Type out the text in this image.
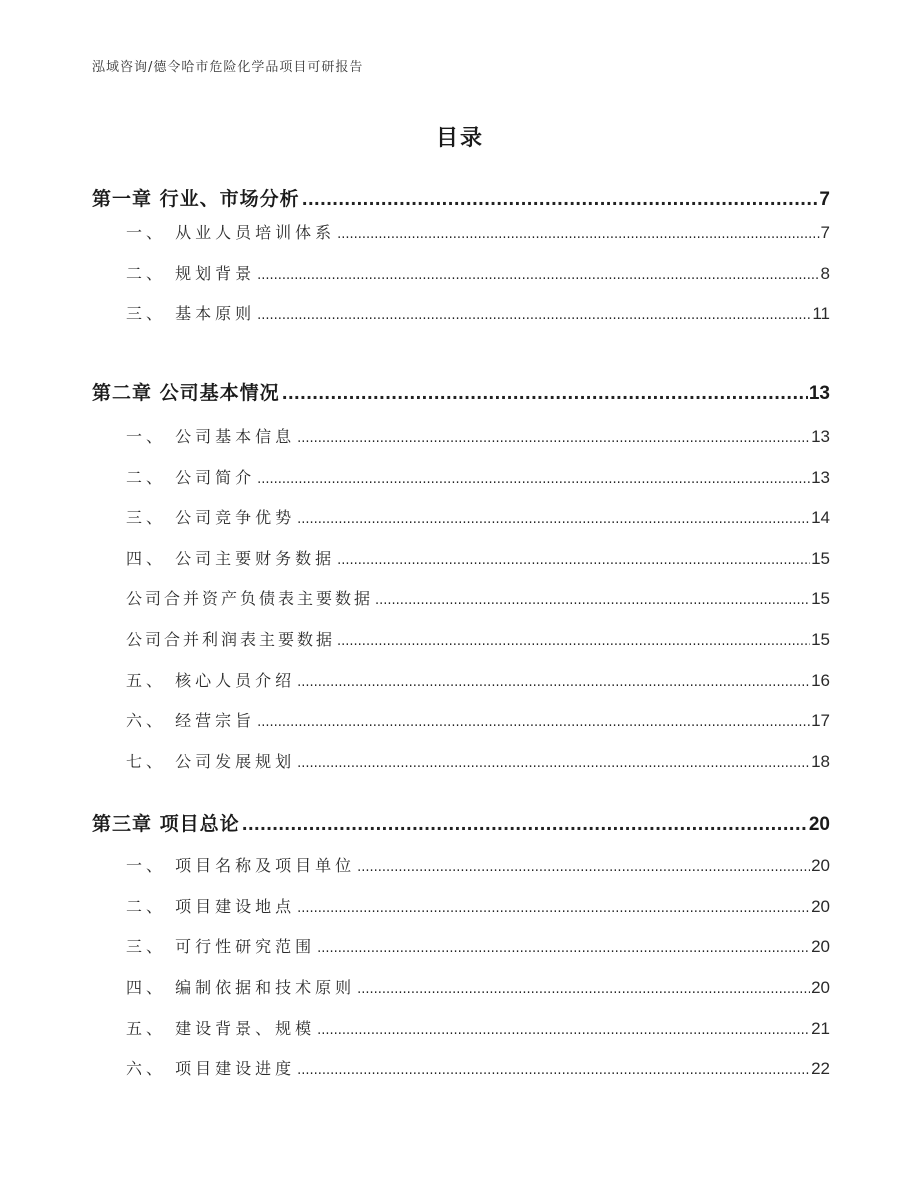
泓域咨询/德令哈市危险化学品项目可研报告
目录
第一章 行业、市场分析 .....	7
一、 从业人员培训体系 .....	7
二、 规划背景 .....	8
三、 基本原则 .....	11
第二章 公司基本情况 .....	13
一、 公司基本信息 .....	13
二、 公司简介 .....	13
三、 公司竞争优势 .....	14
四、 公司主要财务数据 .....	15
公司合并资产负债表主要数据 .....	15
公司合并利润表主要数据 .....	15
五、 核心人员介绍 .....	16
六、 经营宗旨 .....	17
七、 公司发展规划 .....	18
第三章 项目总论 .....	20
一、 项目名称及项目单位 .....	20
二、 项目建设地点 .....	20
三、 可行性研究范围 .....	20
四、 编制依据和技术原则 .....	20
五、 建设背景、规模 .....	21
六、 项目建设进度 .....	22
